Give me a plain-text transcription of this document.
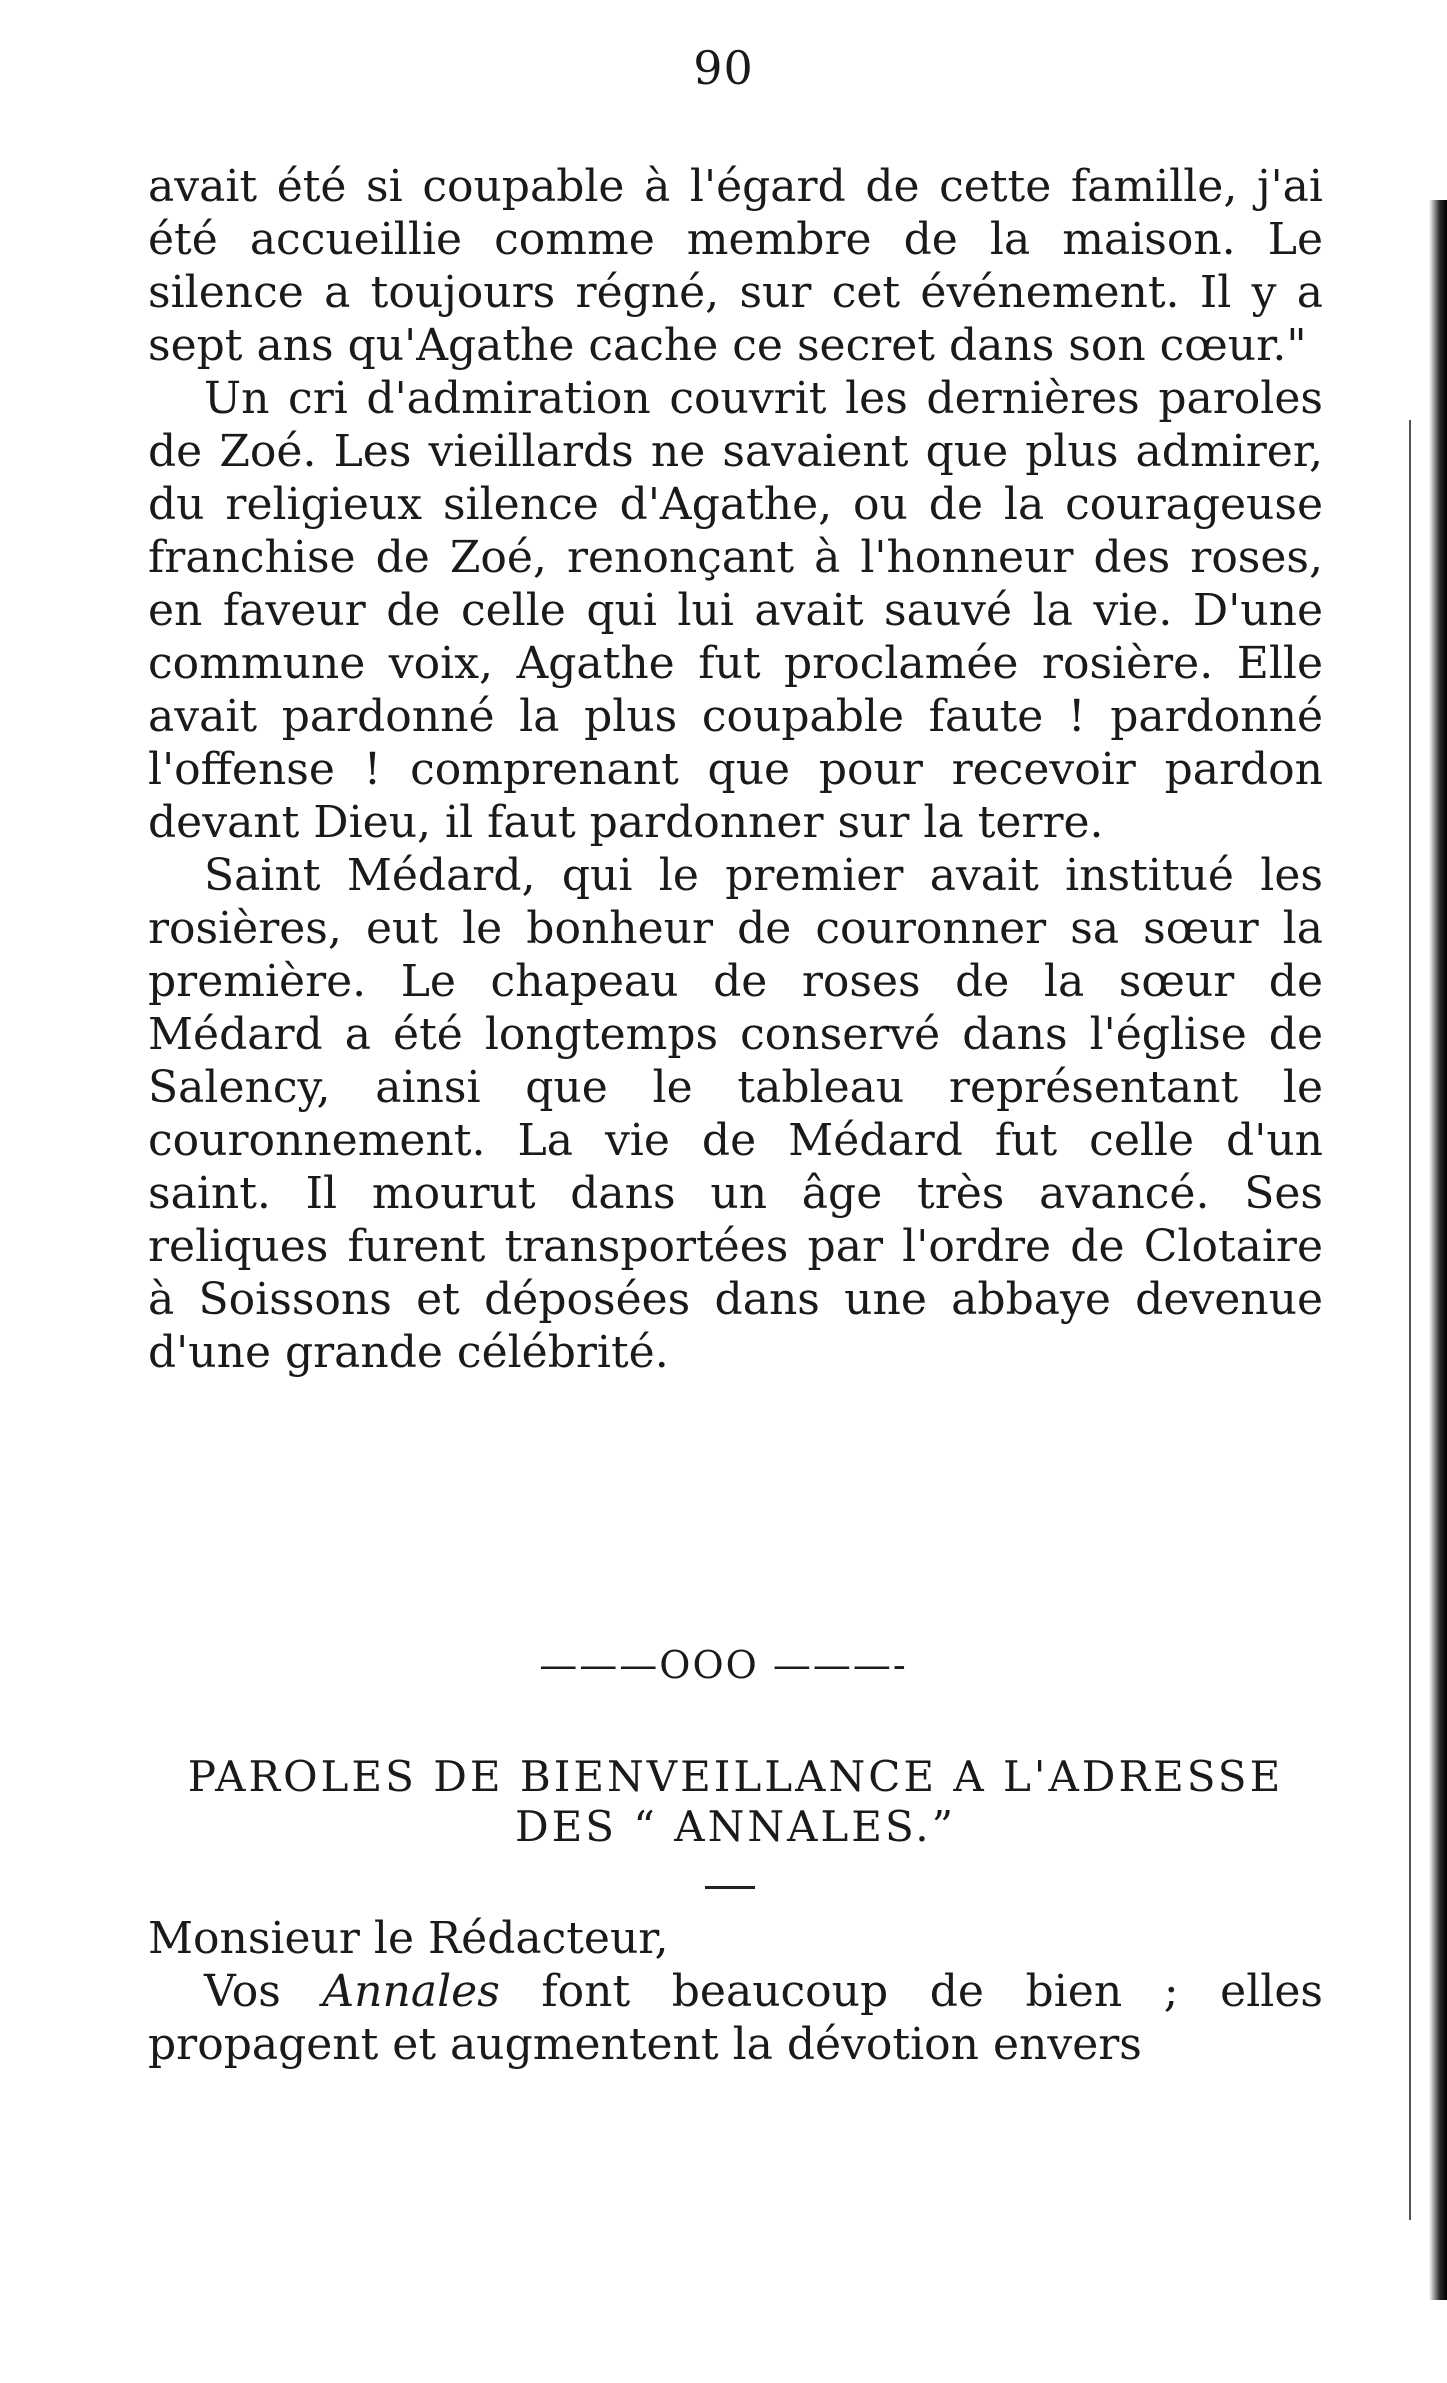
90

avait été si coupable à l'égard de cette famille, j'ai été accueillie comme membre de la maison. Le silence a toujours régné, sur cet événement. Il y a sept ans qu'Agathe cache ce secret dans son cœur."

Un cri d'admiration couvrit les dernières paroles de Zoé. Les vieillards ne savaient que plus admirer, du religieux silence d'Agathe, ou de la courageuse franchise de Zoé, renonçant à l'honneur des roses, en faveur de celle qui lui avait sauvé la vie. D'une commune voix, Agathe fut proclamée rosière. Elle avait pardonné la plus coupable faute ! pardonné l'offense ! comprenant que pour recevoir pardon devant Dieu, il faut pardonner sur la terre.

Saint Médard, qui le premier avait institué les rosières, eut le bonheur de couronner sa sœur la première. Le chapeau de roses de la sœur de Médard a été longtemps conservé dans l'église de Salency, ainsi que le tableau représentant le couronnement. La vie de Médard fut celle d'un saint. Il mourut dans un âge très avancé. Ses reliques furent transportées par l'ordre de Clotaire à Soissons et déposées dans une abbaye devenue d'une grande célébrité.

———OOO ———-
PAROLES DE BIENVEILLANCE A L'ADRESSE
DES “ ANNALES.”

Monsieur le Rédacteur,

Vos Annales font beaucoup de bien ; elles propagent et augmentent la dévotion envers
